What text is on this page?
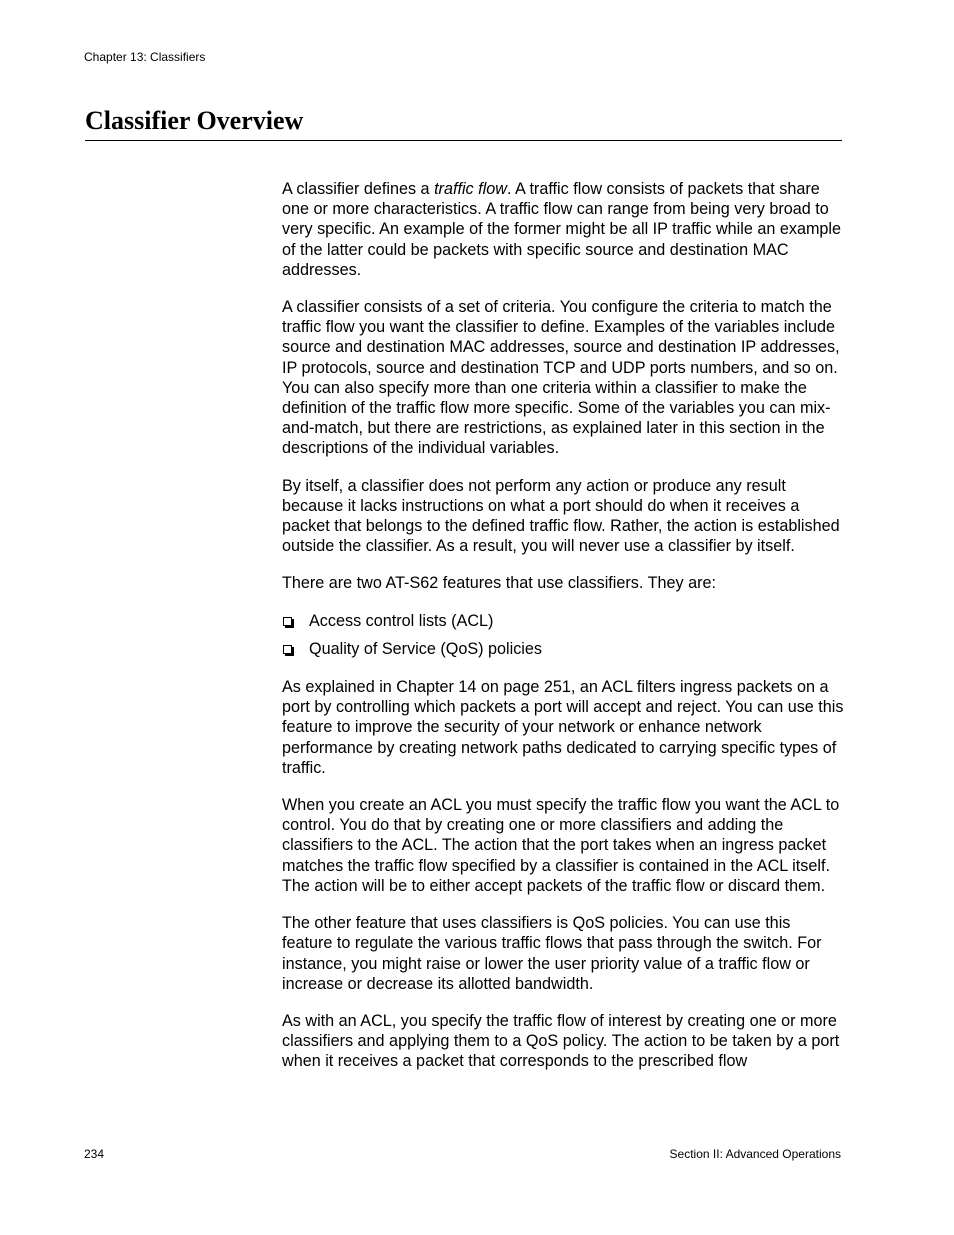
Chapter 13: Classifiers
Classifier Overview

A classifier defines a traffic flow. A traffic flow consists of packets that share one or more characteristics. A traffic flow can range from being very broad to very specific. An example of the former might be all IP traffic while an example of the latter could be packets with specific source and destination MAC addresses.

A classifier consists of a set of criteria. You configure the criteria to match the traffic flow you want the classifier to define. Examples of the variables include source and destination MAC addresses, source and destination IP addresses, IP protocols, source and destination TCP and UDP ports numbers, and so on. You can also specify more than one criteria within a classifier to make the definition of the traffic flow more specific. Some of the variables you can mix-and-match, but there are restrictions, as explained later in this section in the descriptions of the individual variables.

By itself, a classifier does not perform any action or produce any result because it lacks instructions on what a port should do when it receives a packet that belongs to the defined traffic flow. Rather, the action is established outside the classifier. As a result, you will never use a classifier by itself.

There are two AT-S62 features that use classifiers. They are:

Access control lists (ACL)
Quality of Service (QoS) policies

As explained in Chapter 14 on page 251, an ACL filters ingress packets on a port by controlling which packets a port will accept and reject. You can use this feature to improve the security of your network or enhance network performance by creating network paths dedicated to carrying specific types of traffic.

When you create an ACL you must specify the traffic flow you want the ACL to control. You do that by creating one or more classifiers and adding the classifiers to the ACL. The action that the port takes when an ingress packet matches the traffic flow specified by a classifier is contained in the ACL itself. The action will be to either accept packets of the traffic flow or discard them.

The other feature that uses classifiers is QoS policies. You can use this feature to regulate the various traffic flows that pass through the switch. For instance, you might raise or lower the user priority value of a traffic flow or increase or decrease its allotted bandwidth.

As with an ACL, you specify the traffic flow of interest by creating one or more classifiers and applying them to a QoS policy. The action to be taken by a port when it receives a packet that corresponds to the prescribed flow

234	Section II: Advanced Operations
